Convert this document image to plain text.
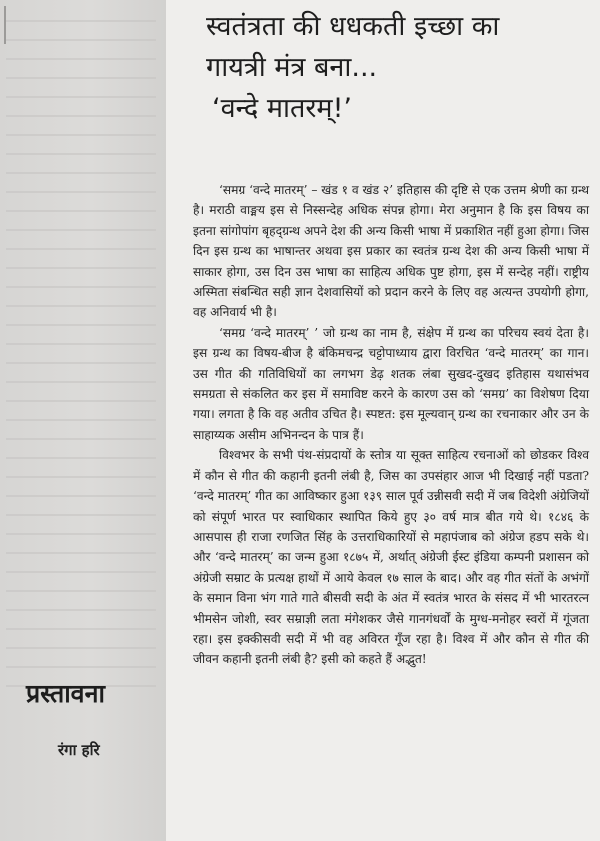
स्वतंत्रता की धधकती इच्छा का
गायत्री मंत्र बना...
‘वन्दे मातरम्!’

‘समग्र ‘वन्दे मातरम्’ – खंड १ व खंड २’ इतिहास की दृष्टि से एक उत्तम श्रेणी का ग्रन्थ है। मराठी वाङ्मय इस से निस्सन्देह अधिक संपन्न होगा। मेरा अनुमान है कि इस विषय का इतना सांगोपांग बृहद्ग्रन्थ अपने देश की अन्य किसी भाषा में प्रकाशित नहीं हुआ होगा। जिस दिन इस ग्रन्थ का भाषान्तर अथवा इस प्रकार का स्वतंत्र ग्रन्थ देश की अन्य किसी भाषा में साकार होगा, उस दिन उस भाषा का साहित्य अधिक पुष्ट होगा, इस में सन्देह नहीं। राष्ट्रीय अस्मिता संबन्धित सही ज्ञान देशवासियों को प्रदान करने के लिए वह अत्यन्त उपयोगी होगा, वह अनिवार्य भी है।

‘समग्र ‘वन्दे मातरम्’ ’ जो ग्रन्थ का नाम है, संक्षेप में ग्रन्थ का परिचय स्वयं देता है। इस ग्रन्थ का विषय-बीज है बंकिमचन्द्र चट्टोपाध्याय द्वारा विरचित ‘वन्दे मातरम्’ का गान। उस गीत की गतिविधियों का लगभग डेढ़ शतक लंबा सुखद-दुखद इतिहास यथासंभव समग्रता से संकलित कर इस में समाविष्ट करने के कारण उस को ‘समग्र’ का विशेषण दिया गया। लगता है कि वह अतीव उचित है। स्पष्टत: इस मूल्यवान् ग्रन्थ का रचनाकार और उन के साहाय्यक असीम अभिनन्दन के पात्र हैं।

विश्वभर के सभी पंथ-संप्रदायों के स्तोत्र या सूक्त साहित्य रचनाओं को छोडकर विश्व में कौन से गीत की कहानी इतनी लंबी है, जिस का उपसंहार आज भी दिखाई नहीं पडता? ‘वन्दे मातरम्’ गीत का आविष्कार हुआ १३९ साल पूर्व उन्नीसवी सदी में जब विदेशी अंग्रेजियों को संपूर्ण भारत पर स्वाधिकार स्थापित किये हुए ३० वर्ष मात्र बीत गये थे। १८४६ के आसपास ही राजा रणजित सिंह के उत्तराधिकारियों से महापंजाब को अंग्रेज हडप सके थे। और ‘वन्दे मातरम्’ का जन्म हुआ १८७५ में, अर्थात् अंग्रेजी ईस्ट इंडिया कम्पनी प्रशासन को अंग्रेजी सम्राट के प्रत्यक्ष हाथों में आये केवल १७ साल के बाद। और वह गीत संतों के अभंगों के समान विना भंग गाते गाते बीसवी सदी के अंत में स्वतंत्र भारत के संसद में भी भारतरत्न भीमसेन जोशी, स्वर सम्राज्ञी लता मंगेशकर जैसे गानगंधर्वों के मुग्ध-मनोहर स्वरों में गूंजता रहा। इस इक्कीसवी सदी में भी वह अविरत गूँज रहा है। विश्व में और कौन से गीत की जीवन कहानी इतनी लंबी है? इसी को कहते हैं अद्भुत!

प्रस्तावना
रंगा हरि
